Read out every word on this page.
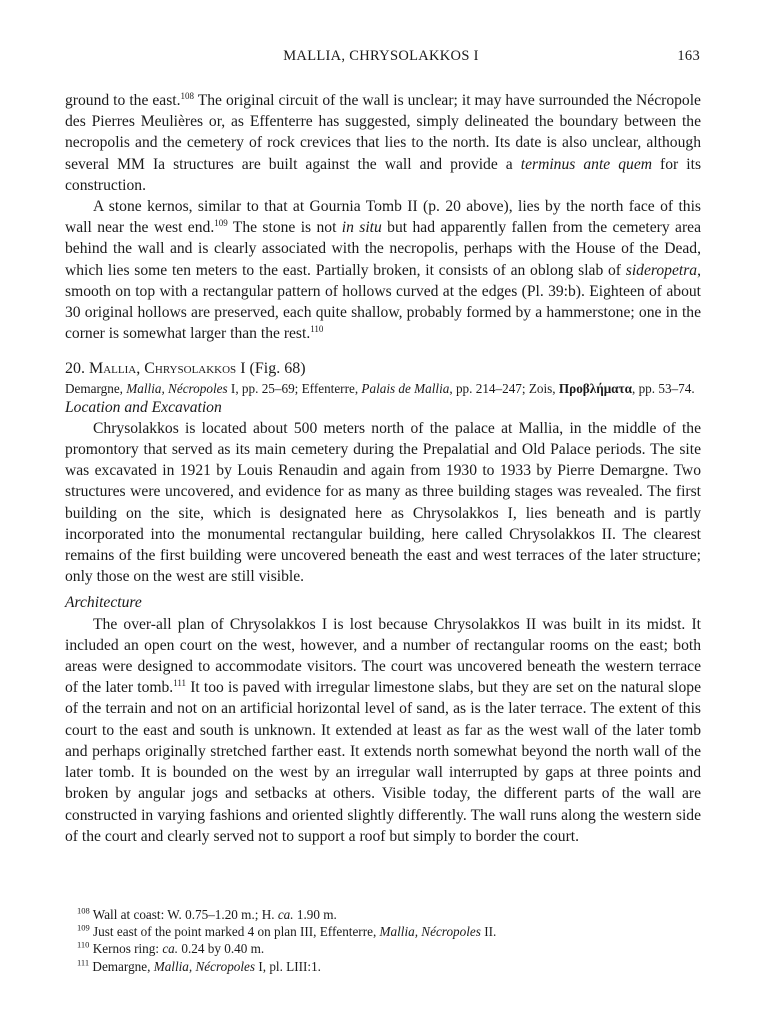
MALLIA, CHRYSOLAKKOS I	163

ground to the east.$^{108}$ The original circuit of the wall is unclear; it may have surrounded the Nécropole des Pierres Meulières or, as Effenterre has suggested, simply delineated the boundary between the necropolis and the cemetery of rock crevices that lies to the north. Its date is also unclear, although several MM Ia structures are built against the wall and provide a terminus ante quem for its construction.

A stone kernos, similar to that at Gournia Tomb II (p. 20 above), lies by the north face of this wall near the west end.$^{109}$ The stone is not in situ but had apparently fallen from the cemetery area behind the wall and is clearly associated with the necropolis, perhaps with the House of the Dead, which lies some ten meters to the east. Partially broken, it consists of an oblong slab of sideropetra, smooth on top with a rectangular pattern of hollows curved at the edges (Pl. 39:b). Eighteen of about 30 original hollows are preserved, each quite shallow, probably formed by a hammerstone; one in the corner is somewhat larger than the rest.$^{110}$

20. Mallia, Chrysolakkos I (Fig. 68)

Demargne, Mallia, Nécropoles I, pp. 25–69; Effenterre, Palais de Mallia, pp. 214–247; Zois, Προβλήματα, pp. 53–74.

Location and Excavation

Chrysolakkos is located about 500 meters north of the palace at Mallia, in the middle of the promontory that served as its main cemetery during the Prepalatial and Old Palace periods. The site was excavated in 1921 by Louis Renaudin and again from 1930 to 1933 by Pierre Demargne. Two structures were uncovered, and evidence for as many as three building stages was revealed. The first building on the site, which is designated here as Chrysolakkos I, lies beneath and is partly incorporated into the monumental rectangular building, here called Chrysolakkos II. The clearest remains of the first building were uncovered beneath the east and west terraces of the later structure; only those on the west are still visible.

Architecture

The over-all plan of Chrysolakkos I is lost because Chrysolakkos II was built in its midst. It included an open court on the west, however, and a number of rectangular rooms on the east; both areas were designed to accommodate visitors. The court was uncovered beneath the western terrace of the later tomb.$^{111}$ It too is paved with irregular limestone slabs, but they are set on the natural slope of the terrain and not on an artificial horizontal level of sand, as is the later terrace. The extent of this court to the east and south is unknown. It extended at least as far as the west wall of the later tomb and perhaps originally stretched farther east. It extends north somewhat beyond the north wall of the later tomb. It is bounded on the west by an irregular wall interrupted by gaps at three points and broken by angular jogs and setbacks at others. Visible today, the different parts of the wall are constructed in varying fashions and oriented slightly differently. The wall runs along the western side of the court and clearly served not to support a roof but simply to border the court.

$^{108}$ Wall at coast: W. 0.75–1.20 m.; H. ca. 1.90 m.
$^{109}$ Just east of the point marked 4 on plan III, Effenterre, Mallia, Nécropoles II.
$^{110}$ Kernos ring: ca. 0.24 by 0.40 m.
$^{111}$ Demargne, Mallia, Nécropoles I, pl. LIII:1.
